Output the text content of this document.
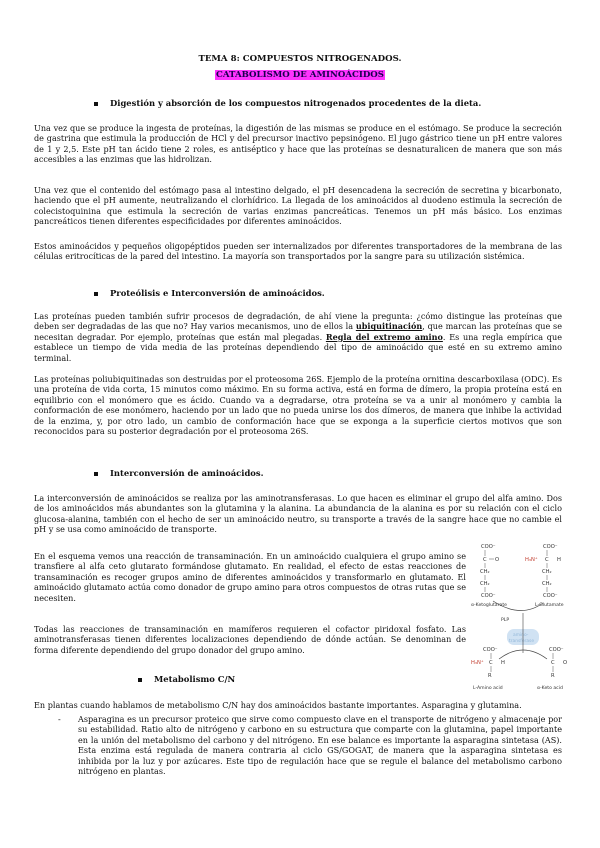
TEMA 8: COMPUESTOS NITROGENADOS.
CATABOLISMO DE AMINOÁCIDOS
Digestión y absorción de los compuestos nitrogenados procedentes de la dieta.
Una vez que se produce la ingesta de proteínas, la digestión de las mismas se produce en el estómago. Se produce la secreción de gastrina que estimula la producción de HCl y del precursor inactivo pepsinógeno. El jugo gástrico tiene un pH entre valores de 1 y 2,5. Este pH tan ácido tiene 2 roles, es antiséptico y hace que las proteínas se desnaturalicen de manera que son más accesibles a las enzimas que las hidrolizan.
Una vez que el contenido del estómago pasa al intestino delgado, el pH desencadena la secreción de secretina y bicarbonato, haciendo que el pH aumente, neutralizando el clorhídrico. La llegada de los aminoácidos al duodeno estimula la secreción de colecistoquinina que estimula la secreción de varias enzimas pancreáticas. Tenemos un pH más básico. Los enzimas pancreáticos tienen diferentes especificidades por diferentes aminoácidos.
Estos aminoácidos y pequeños oligopéptidos pueden ser internalizados por diferentes transportadores de la membrana de las células eritrocíticas de la pared del intestino. La mayoría son transportados por la sangre para su utilización sistémica.
Proteólisis e Interconversión de aminoácidos.
Las proteínas pueden también sufrir procesos de degradación, de ahí viene la pregunta: ¿cómo distingue las proteínas que deben ser degradadas de las que no? Hay varios mecanismos, uno de ellos la ubiquitinación, que marcan las proteínas que se necesitan degradar. Por ejemplo, proteínas que están mal plegadas. Regla del extremo amino. Es una regla empírica que establece un tiempo de vida media de las proteínas dependiendo del tipo de aminoácido que esté en su extremo amino terminal.
Las proteínas poliubiquitinadas son destruidas por el proteosoma 26S. Ejemplo de la proteína ornitina descarboxilasa (ODC). Es una proteína de vida corta, 15 minutos como máximo. En su forma activa, está en forma de dímero, la propia proteína está en equilibrio con el monómero que es ácido. Cuando va a degradarse, otra proteína se va a unir al monómero y cambia la conformación de ese monómero, haciendo por un lado que no pueda unirse los dos dímeros, de manera que inhibe la actividad de la enzima, y, por otro lado, un cambio de conformación hace que se exponga a la superficie ciertos motivos que son reconocidos para su posterior degradación por el proteosoma 26S.
Interconversión de aminoácidos.
La interconversión de aminoácidos se realiza por las aminotransferasas. Lo que hacen es eliminar el grupo del alfa amino. Dos de los aminoácidos más abundantes son la glutamina y la alanina. La abundancia de la alanina es por su relación con el ciclo glucosa-alanina, también con el hecho de ser un aminoácido neutro, su transporte a través de la sangre hace que no cambie el pH y se usa como aminoácido de transporte.
En el esquema vemos una reacción de transaminación. En un aminoácido cualquiera el grupo amino se transfiere al alfa ceto glutarato formándose glutamato. En realidad, el efecto de estas reacciones de transaminación es recoger grupos amino de diferentes aminoácidos y transformarlo en glutamato. El aminoácido glutamato actúa como donador de grupo amino para otros compuestos de otras rutas que se necesiten.
Todas las reacciones de transaminación en mamíferos requieren el cofactor piridoxal fosfato. Las aminotransferasas tienen diferentes localizaciones dependiendo de dónde actúan. Se denominan de forma diferente dependiendo del grupo donador del grupo amino.
COO⁻
C O
CH₂
CH₂
COO⁻
COO⁻
H₃N⁺ C H
CH₂
CH₂
COO⁻
α-Ketoglutarate	L-Glutamate
PLP
COO⁻
H₃N⁺ C H
R
COO⁻
C O
R
L-Amino acid	α-Keto acid
Metabolismo C/N
En plantas cuando hablamos de metabolismo C/N hay dos aminoácidos bastante importantes. Asparagina y glutamina.
- Asparagina es un precursor proteico que sirve como compuesto clave en el transporte de nitrógeno y almacenaje por su estabilidad. Ratio alto de nitrógeno y carbono en su estructura que comparte con la glutamina, papel importante en la unión del metabolismo del carbono y del nitrógeno. En ese balance es importante la asparagina sintetasa (AS). Esta enzima está regulada de manera contraria al ciclo GS/GOGAT, de manera que la asparagina sintetasa es inhibida por la luz y por azúcares. Este tipo de regulación hace que se regule el balance del metabolismo carbono nitrógeno en plantas.
